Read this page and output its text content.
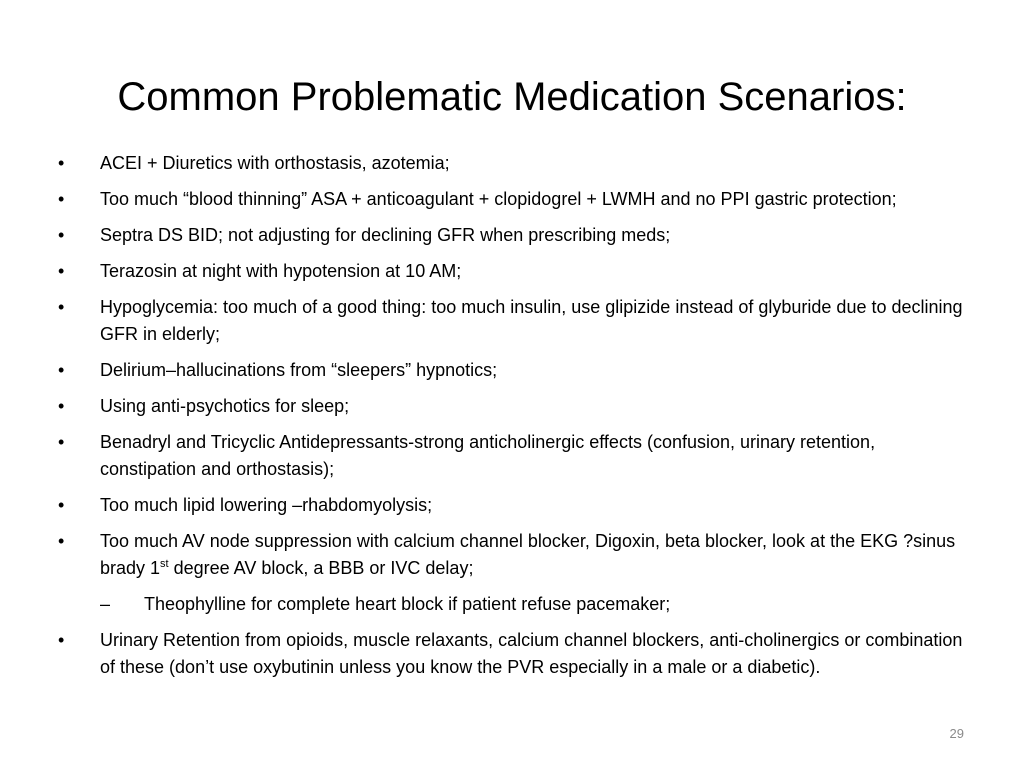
Common Problematic Medication Scenarios:
•	ACEI + Diuretics with orthostasis, azotemia;
•	Too much “blood thinning” ASA + anticoagulant + clopidogrel + LWMH and no PPI gastric protection;
•	Septra DS BID; not adjusting for declining GFR when prescribing meds;
•	Terazosin at night with hypotension at 10 AM;
•	Hypoglycemia: too much of a good thing: too much insulin, use glipizide instead of glyburide due to declining GFR in elderly;
•	Delirium–hallucinations from “sleepers” hypnotics;
•	Using anti-psychotics for sleep;
•	Benadryl and Tricyclic Antidepressants-strong anticholinergic effects (confusion, urinary retention, constipation and orthostasis);
•	Too much lipid lowering –rhabdomyolysis;
•	Too much AV node suppression with calcium channel blocker, Digoxin, beta blocker, look at the EKG ?sinus brady 1st degree AV block, a BBB or IVC delay;
–	Theophylline for complete heart block if patient refuse pacemaker;
•	Urinary Retention from opioids, muscle relaxants, calcium channel blockers, anti-cholinergics or combination of these (don’t use oxybutinin unless you know the PVR especially in a male or a diabetic).
29
